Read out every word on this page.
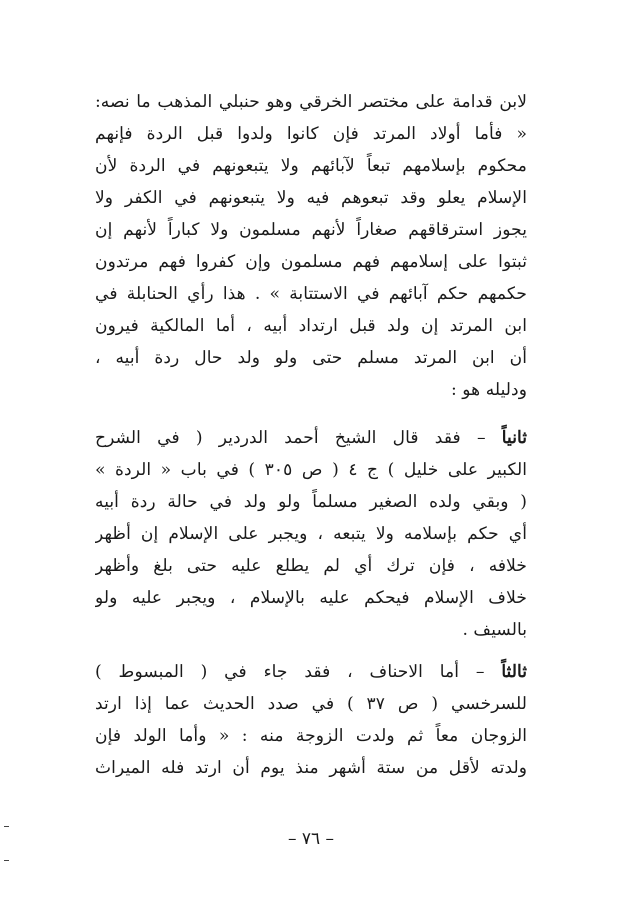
لابن قدامة على مختصر الخرقي وهو حنبلي المذهب ما نصه:
« فأما أولاد المرتد فإن كانوا ولدوا قبل الردة فإنهم
محكوم بإسلامهم تبعاً لآبائهم ولا يتبعونهم في الردة لأن
الإسلام يعلو وقد تبعوهم فيه ولا يتبعونهم في الكفر ولا
يجوز استرقاقهم صغاراً لأنهم مسلمون ولا كباراً لأنهم إن
ثبتوا على إسلامهم فهم مسلمون وإن كفروا فهم مرتدون
حكمهم حكم آبائهم في الاستتابة » . هذا رأي الحنابلة في
ابن المرتد إن ولد قبل ارتداد أبيه ، أما المالكية فيرون
أن ابن المرتد مسلم حتى ولو ولد حال ردة أبيه ،
ودليله هو :
ثانياً – فقد قال الشيخ أحمد الدردير ( في الشرح
الكبير على خليل ) ج ٤ ( ص ٣٠٥ ) في باب « الردة »
( وبقي ولده الصغير مسلماً ولو ولد في حالة ردة أبيه
أي حكم بإسلامه ولا يتبعه ، ويجبر على الإسلام إن أظهر
خلافه ، فإن ترك أي لم يطلع عليه حتى بلغ وأظهر
خلاف الإسلام فيحكم عليه بالإسلام ، ويجبر عليه ولو
بالسيف .
ثالثاً – أما الاحناف ، فقد جاء في ( المبسوط )
للسرخسي ( ص ٣٧ ) في صدد الحديث عما إذا ارتد
الزوجان معاً ثم ولدت الزوجة منه : « وأما الولد فإن
ولدته لأقل من ستة أشهر منذ يوم أن ارتد فله الميراث
– ٧٦ –
